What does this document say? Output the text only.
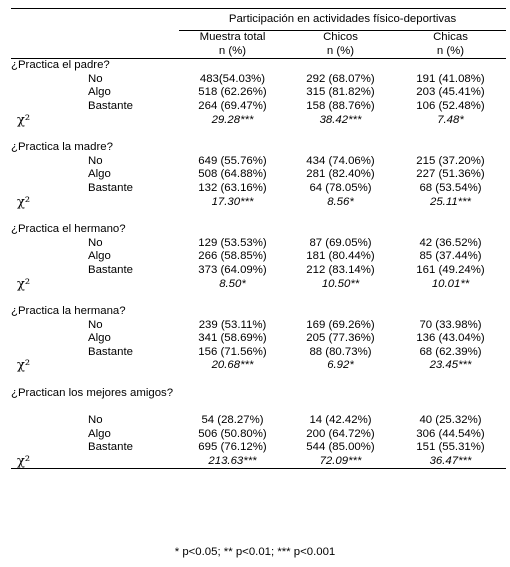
	Participación en actividades físico-deportivas		
	Muestra total	Chicos	Chicas
	n (%)	n (%)	n (%)
¿Practica el padre?			
No	483(54.03%)	292 (68.07%)	191 (41.08%)
Algo	518 (62.26%)	315 (81.82%)	203 (45.41%)
Bastante	264 (69.47%)	158 (88.76%)	106 (52.48%)
χ²	29.28***	38.42***	7.48*

¿Practica la madre?			
No	649 (55.76%)	434 (74.06%)	215 (37.20%)
Algo	508 (64.88%)	281 (82.40%)	227 (51.36%)
Bastante	132 (63.16%)	64 (78.05%)	68 (53.54%)
χ²	17.30***	8.56*	25.11***

¿Practica el hermano?			
No	129 (53.53%)	87 (69.05%)	42 (36.52%)
Algo	266 (58.85%)	181 (80.44%)	85 (37.44%)
Bastante	373 (64.09%)	212 (83.14%)	161 (49.24%)
χ²	8.50*	10.50**	10.01**

¿Practica la hermana?			
No	239 (53.11%)	169 (69.26%)	70 (33.98%)
Algo	341 (58.69%)	205 (77.36%)	136 (43.04%)
Bastante	156 (71.56%)	88 (80.73%)	68 (62.39%)
χ²	20.68***	6.92*	23.45***

¿Practican los mejores amigos?			
No	54 (28.27%)	14 (42.42%)	40 (25.32%)
Algo	506 (50.80%)	200 (64.72%)	306 (44.54%)
Bastante	695 (76.12%)	544 (85.00%)	151 (55.31%)
χ²	213.63***	72.09***	36.47***
* p<0.05; ** p<0.01; *** p<0.001
